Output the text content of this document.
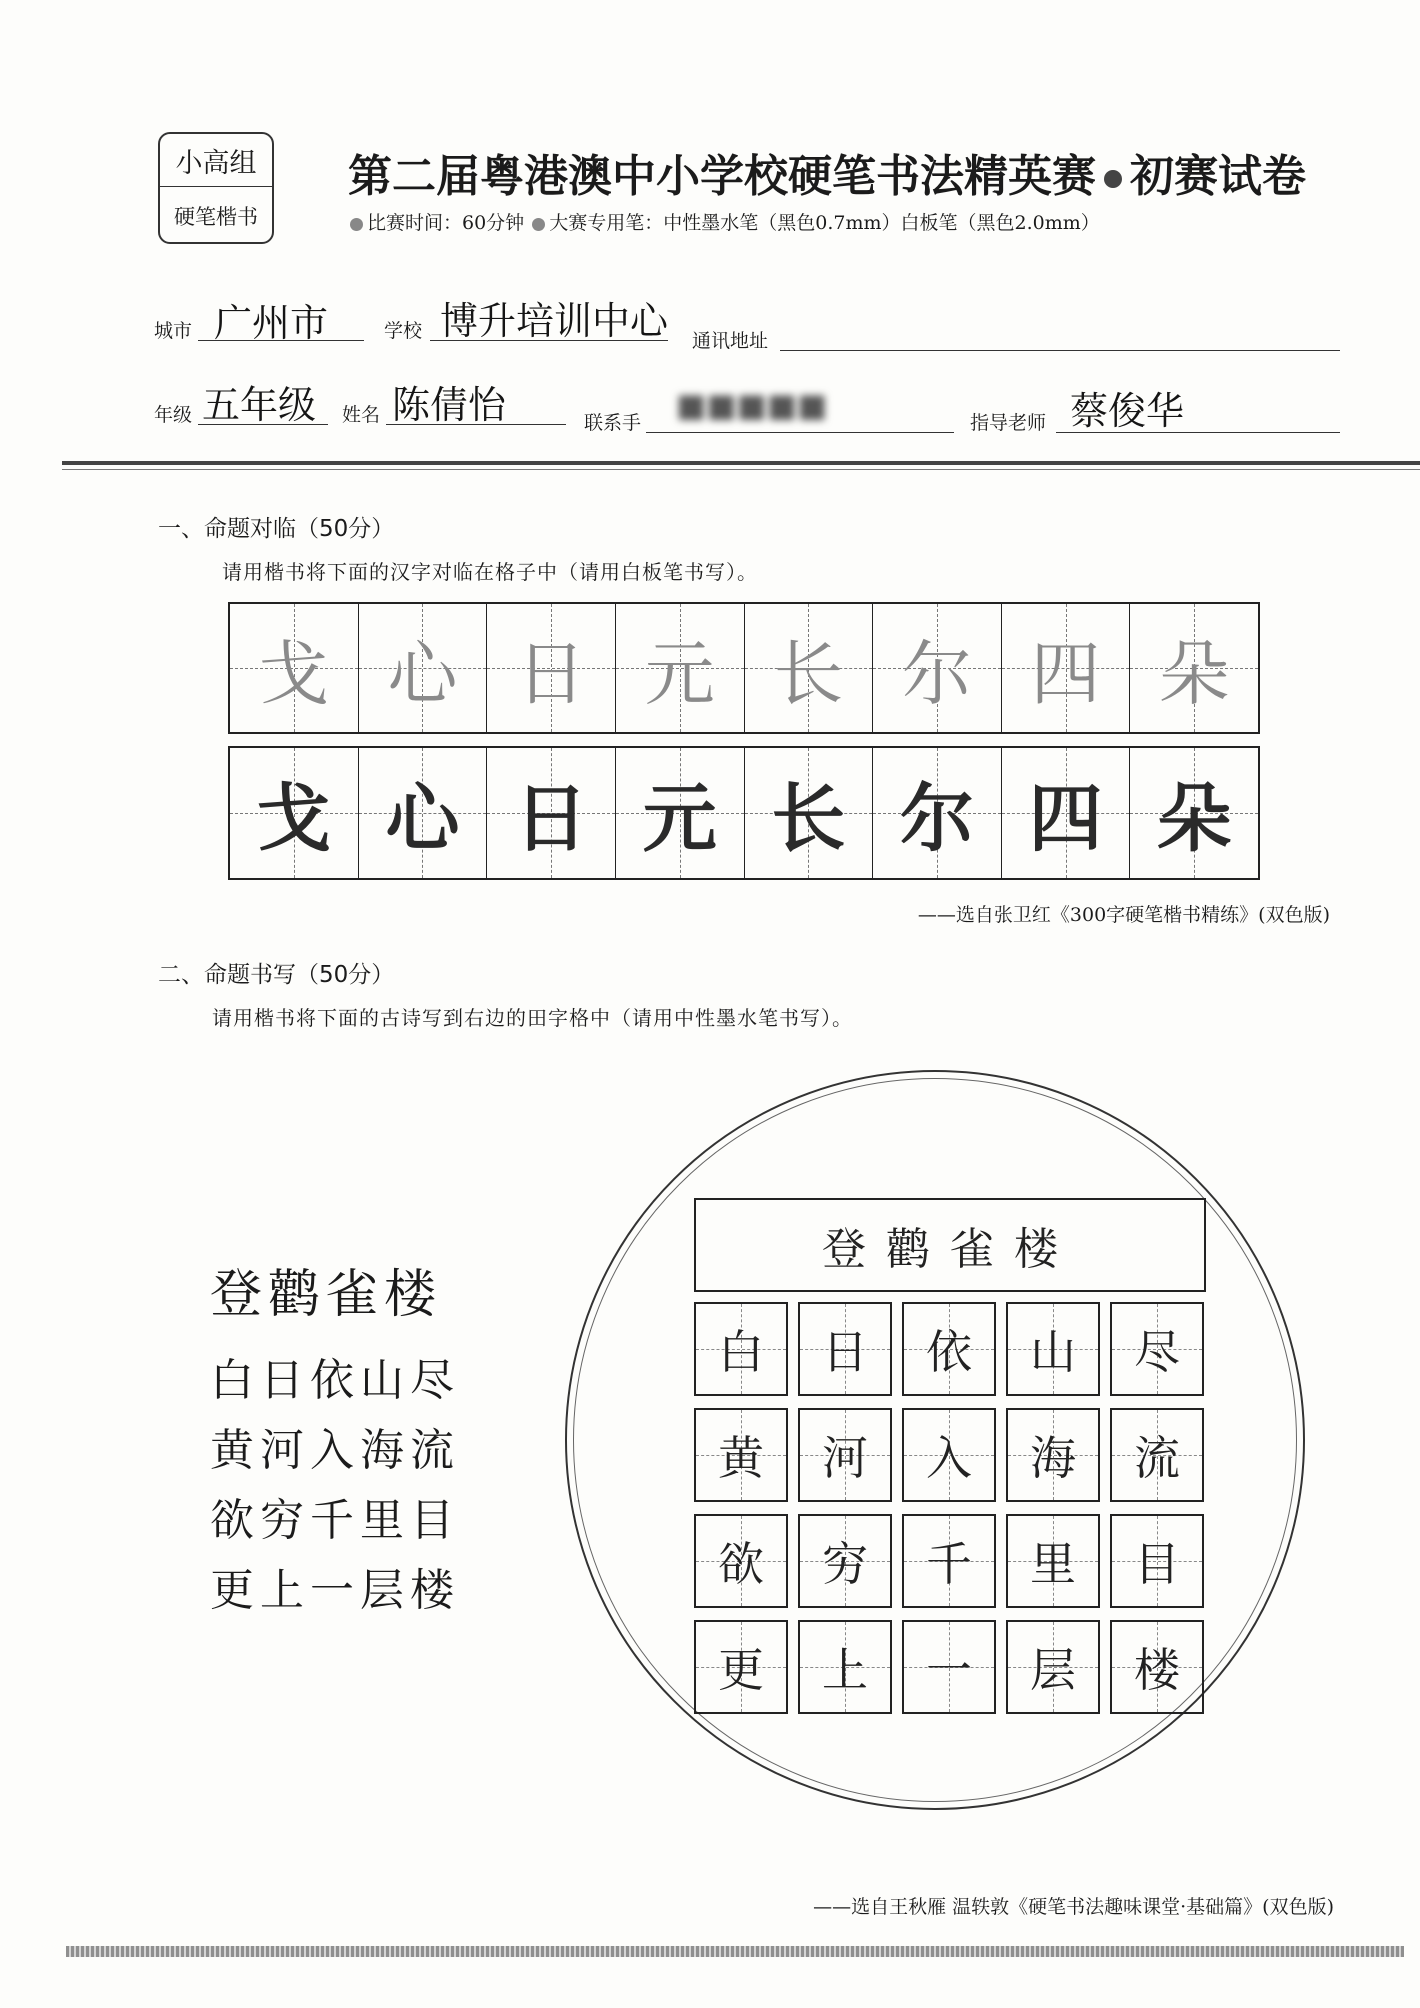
小高组
硬笔楷书
第二届粤港澳中小学校硬笔书法精英赛 初赛试卷
比赛时间：60分钟 大赛专用笔：中性墨水笔（黑色0.7mm）白板笔（黑色2.0mm）
城市 广州市	学校 博升培训中心 通讯地址
年级 五年级 姓名 陈倩怡	联系手 ■■■■■	指导老师 蔡俊华
一、命题对临（50分）
请用楷书将下面的汉字对临在格子中（请用白板笔书写）。
戈 心 日 元 长 尔 四 朵
戈 心 日 元 长 尔 四 朵
——选自张卫红《300字硬笔楷书精练》(双色版)
二、命题书写（50分）
请用楷书将下面的古诗写到右边的田字格中（请用中性墨水笔书写）。
登鹳雀楼
白日依山尽
黄河入海流
欲穷千里目
更上一层楼
登鹳雀楼
白 日 依 山 尽
黄 河 入 海 流
欲 穷 千 里 目
更 上 一 层 楼
——选自王秋雁 温轶敦《硬笔书法趣味课堂·基础篇》(双色版)
